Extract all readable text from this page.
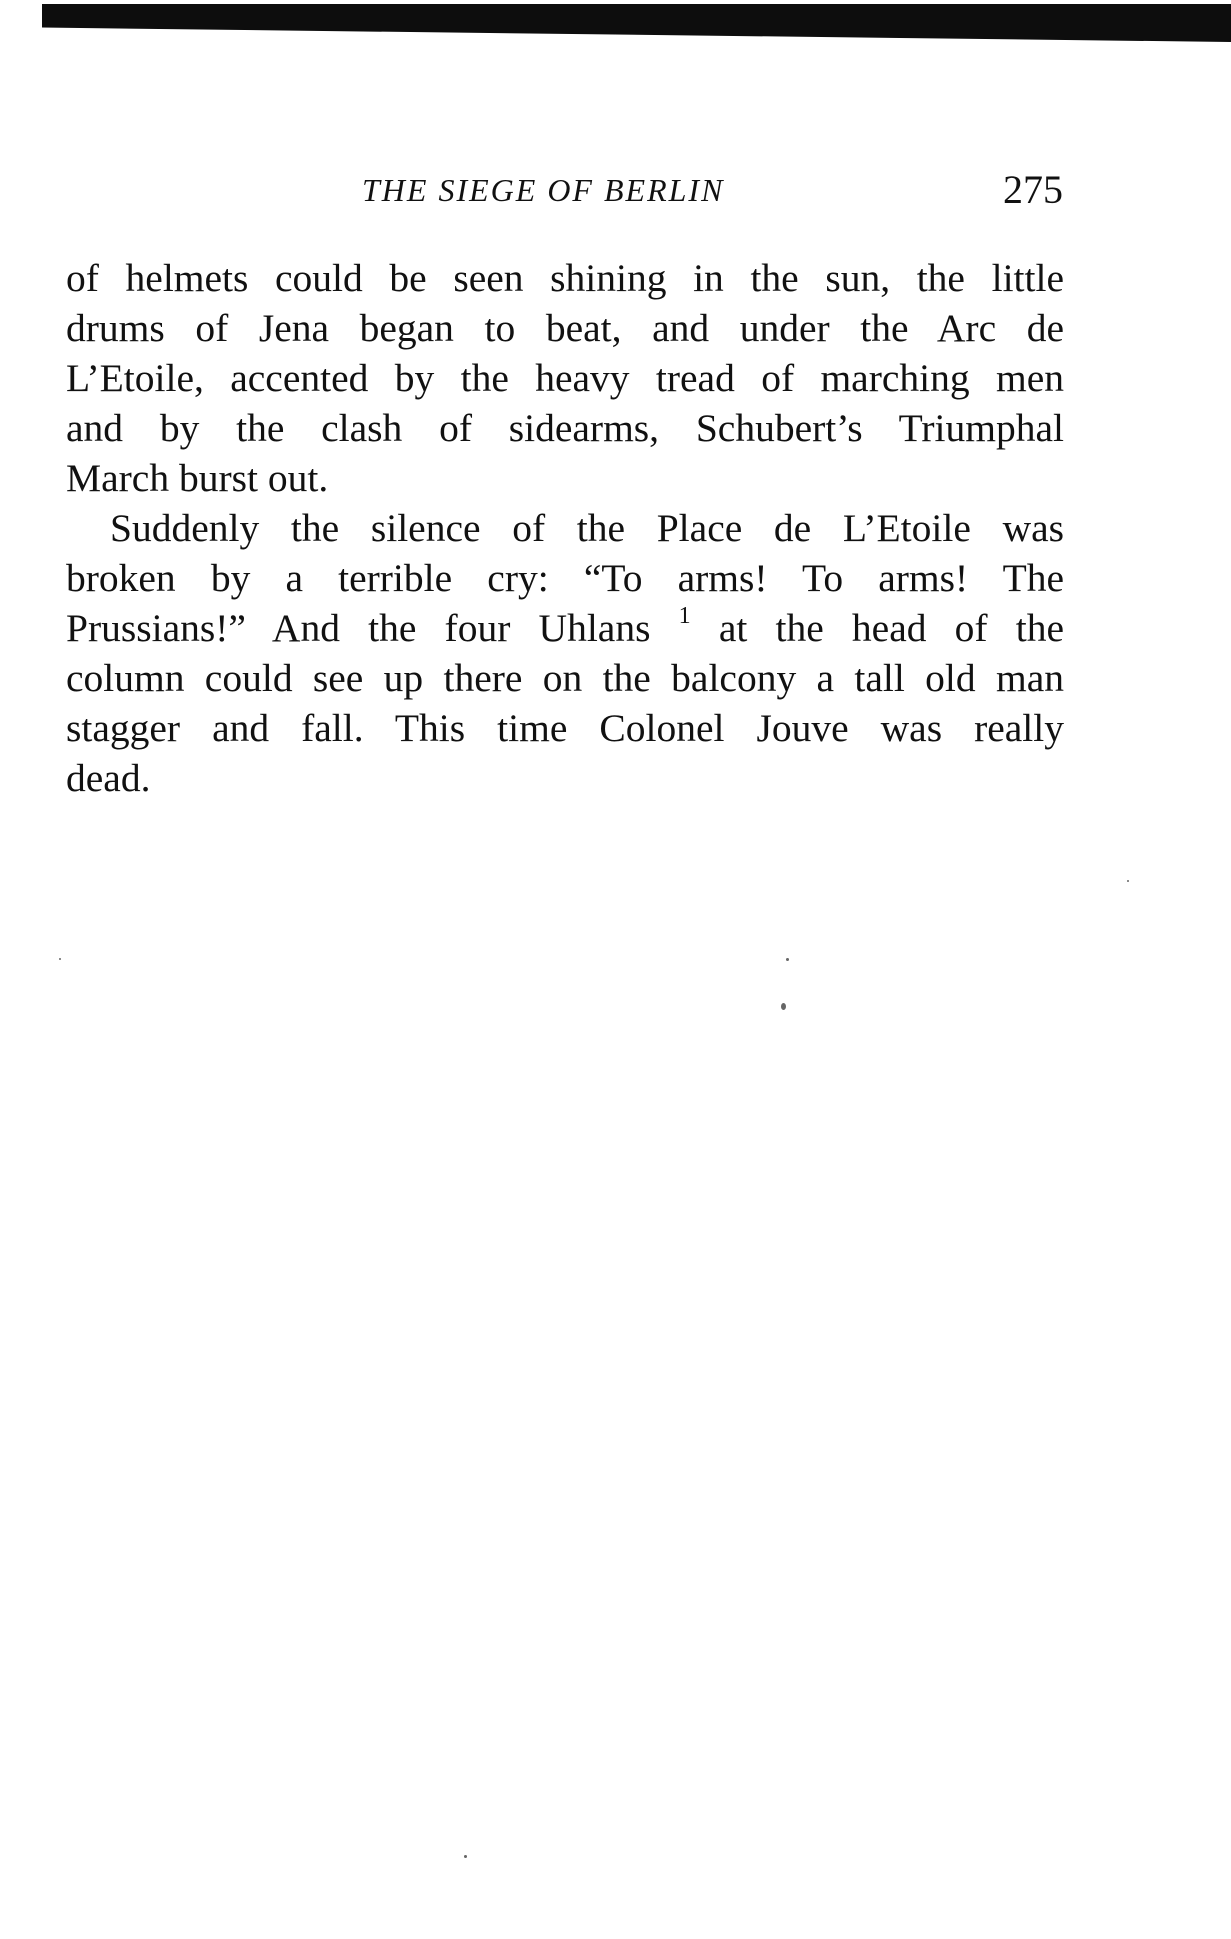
THE SIEGE OF BERLIN	275
of helmets could be seen shining in the sun, the little
drums of Jena began to beat, and under the Arc de
L’Etoile, accented by the heavy tread of marching men
and by the clash of sidearms, Schubert’s Triumphal
March burst out.
Suddenly the silence of the Place de L’Etoile was
broken by a terrible cry: “To arms! To arms! The
Prussians!” And the four Uhlans $^1$ at the head of the
column could see up there on the balcony a tall old man
stagger and fall. This time Colonel Jouve was really
dead.
